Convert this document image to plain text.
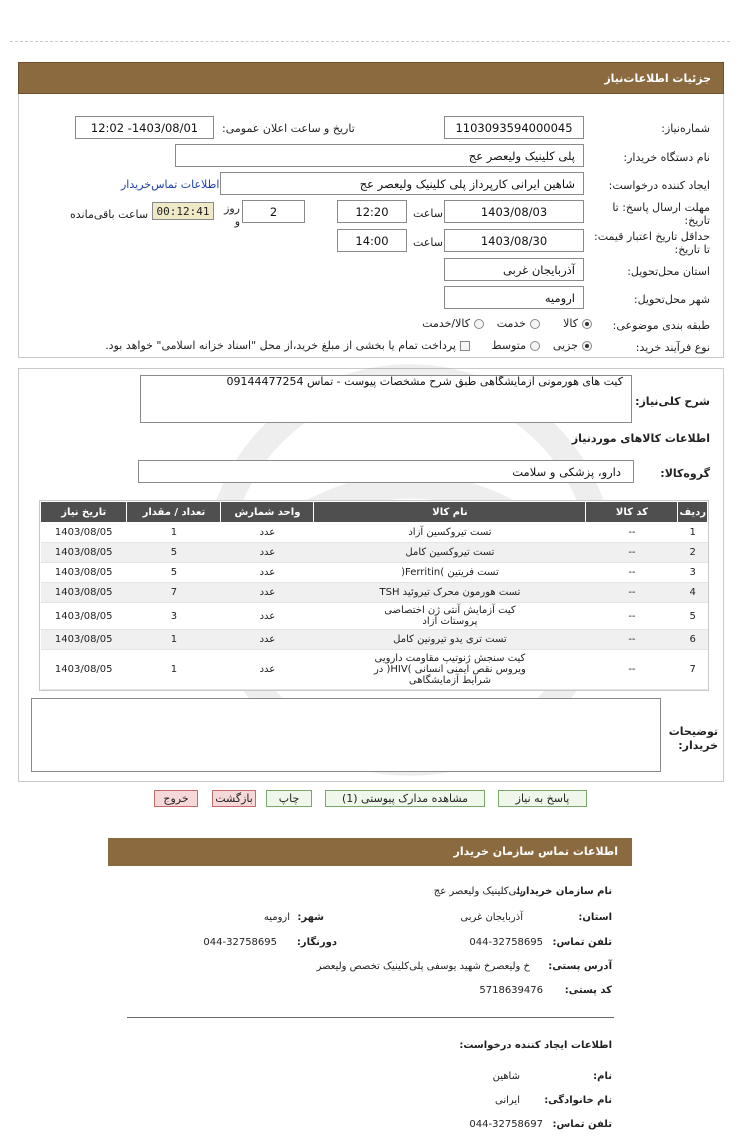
جزئیات اطلاعات‌نیاز
شماره‌نیاز:
1103093594000045
تاریخ و ساعت اعلان عمومی:
1403/08/01- 12:02
نام دستگاه خریدار:
پلی کلینیک ولیعصر عج
ایجاد کننده درخواست:
شاهین ایرانی کارپرداز پلی کلینیک ولیعصر عج
اطلاعات تماس‌خریدار
مهلت ارسال پاسخ: تا تاریخ:
1403/08/03
ساعت
12:20
2
روز و
00:12:41
ساعت باقی‌مانده
حداقل تاریخ اعتبار قیمت: تا تاریخ:
1403/08/30
ساعت
14:00
استان محل‌تحویل:
آذربایجان غربی
شهر محل‌تحویل:
ارومیه
طبقه بندی موضوعی:
کالا
خدمت
کالا/خدمت
نوع فرآیند خرید:
جزیی
متوسط
پرداخت تمام یا بخشی از مبلغ خرید،از محل "اسناد خزانه اسلامی" خواهد بود.
شرح کلی‌نیاز:
کیت های هورمونی آزمایشگاهی طبق شرح مشخصات پیوست - تماس 09144477254
اطلاعات کالاهای موردنیاز
گروه‌کالا:
دارو، پزشکی و سلامت
ردیف	کد کالا	نام کالا	واحد شمارش	تعداد / مقدار	تاریخ نیاز
1	--	تست تیروکسین آزاد	عدد	1	1403/08/05
2	--	تست تیروکسین کامل	عدد	5	1403/08/05
3	--	تست فریتین )Ferritin(	عدد	5	1403/08/05
4	--	تست هورمون محرک تیروئید TSH	عدد	7	1403/08/05
5	--	کیت آزمایش آنتی ژن اختصاصی پروستات آزاد	عدد	3	1403/08/05
6	--	تست تری یدو تیرونین کامل	عدد	1	1403/08/05
7	--	کیت سنجش ژنوتیپ مقاومت دارویی ویروس نقص ایمنی انسانی )HIV( در شرایط آزمایشگاهی	عدد	1	1403/08/05
توضیحات خریدار:
پاسخ به نیاز
مشاهده مدارک پیوستی (1)
چاپ
بازگشت
خروج
اطلاعات تماس سازمان خریدار
نام سازمان خریدار:
پلی‌کلینیک ولیعصر عج
استان:
آذربایجان غربی
شهر:
ارومیه
تلفن تماس:
044-32758695
دورنگار:
044-32758695
آدرس پستی:
خ ولیعصرخ شهید یوسفی پلی‌کلینیک تخصص ولیعصر
کد پستی:
5718639476
اطلاعات ایجاد کننده درخواست:
نام:
شاهین
نام خانوادگی:
ایرانی
تلفن تماس:
044-32758697
